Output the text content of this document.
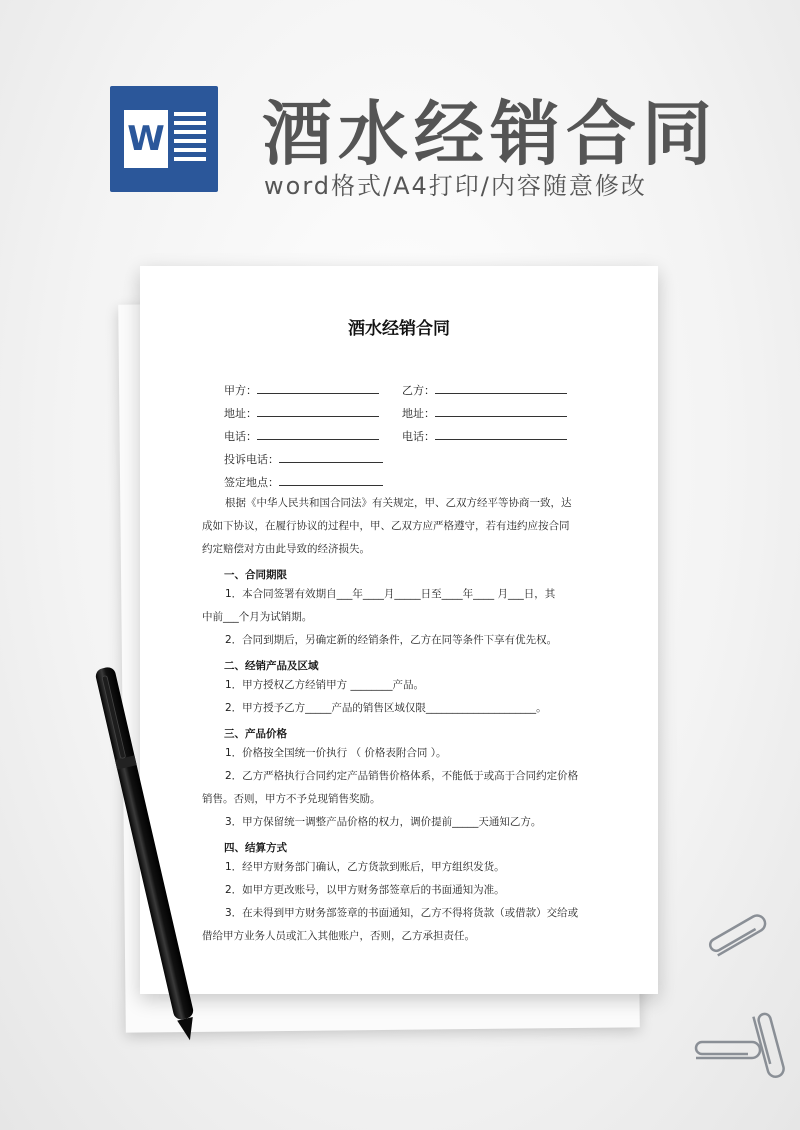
W 酒水经销合同
word格式/A4打印/内容随意修改
酒水经销合同
甲方：	乙方：
地址：	地址：
电话：	电话：
投诉电话：
签定地点：
根据《中华人民共和国合同法》有关规定，甲、乙双方经平等协商一致，达
成如下协议，在履行协议的过程中，甲、乙双方应严格遵守，若有违约应按合同
约定赔偿对方由此导致的经济损失。
一、合同期限
1．本合同签署有效期自___年____月_____日至____年____ 月___日，其
中前___个月为试销期。
2．合同到期后，另确定新的经销条件，乙方在同等条件下享有优先权。
二、经销产品及区域
1．甲方授权乙方经销甲方 ________产品。
2．甲方授予乙方_____产品的销售区域仅限_____________________。
三、产品价格
1．价格按全国统一价执行 （ 价格表附合同 ）。
2．乙方严格执行合同约定产品销售价格体系，不能低于或高于合同约定价格
销售。否则，甲方不予兑现销售奖励。
3．甲方保留统一调整产品价格的权力，调价提前_____天通知乙方。
四、结算方式
1．经甲方财务部门确认，乙方货款到账后，甲方组织发货。
2．如甲方更改账号，以甲方财务部签章后的书面通知为准。
3．在未得到甲方财务部签章的书面通知，乙方不得将货款（或借款）交给或
借给甲方业务人员或汇入其他账户，否则，乙方承担责任。
